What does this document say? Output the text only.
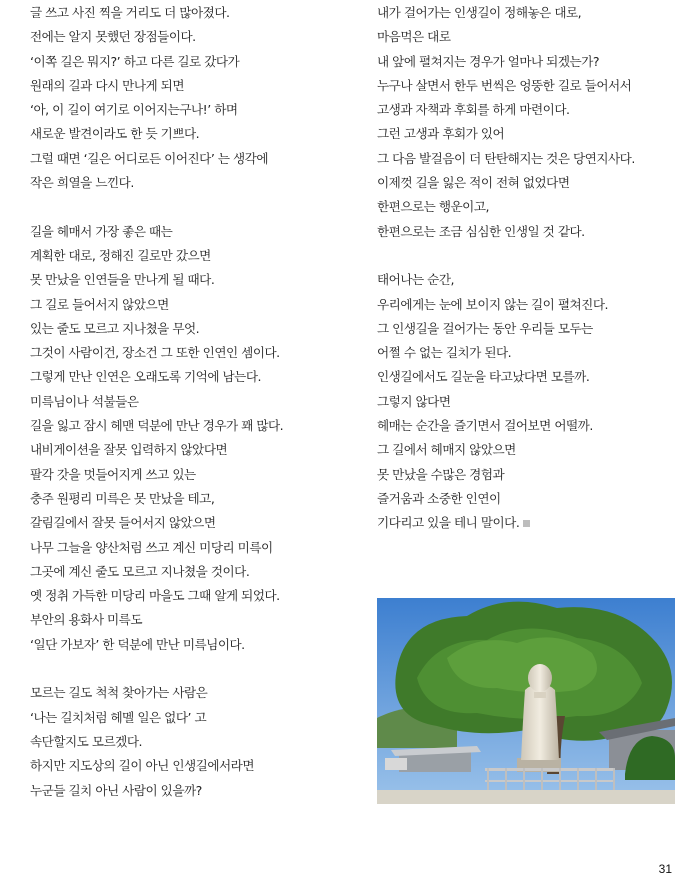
글 쓰고 사진 찍을 거리도 더 많아졌다.
전에는 알지 못했던 장점들이다.
‘이쪽 길은 뭐지?’ 하고 다른 길로 갔다가
원래의 길과 다시 만나게 되면
‘아, 이 길이 여기로 이어지는구나!’ 하며
새로운 발견이라도 한 듯 기쁘다.
그럴 때면 ‘길은 어디로든 이어진다’ 는 생각에
작은 희열을 느낀다.
길을 헤매서 가장 좋은 때는
계획한 대로, 정해진 길로만 갔으면
못 만났을 인연들을 만나게 될 때다.
그 길로 들어서지 않았으면
있는 줄도 모르고 지나쳤을 무엇.
그것이 사람이건, 장소건 그 또한 인연인 셈이다.
그렇게 만난 인연은 오래도록 기억에 남는다.
미륵님이나 석불들은
길을 잃고 잠시 헤맨 덕분에 만난 경우가 꽤 많다.
내비게이션을 잘못 입력하지 않았다면
팔각 갓을 멋들어지게 쓰고 있는
충주 원평리 미륵은 못 만났을 테고,
갈림길에서 잘못 들어서지 않았으면
나무 그늘을 양산처럼 쓰고 계신 미당리 미륵이
그곳에 계신 줄도 모르고 지나쳤을 것이다.
옛 정취 가득한 미당리 마을도 그때 알게 되었다.
부안의 용화사 미륵도
‘일단 가보자’ 한 덕분에 만난 미륵님이다.
모르는 길도 척척 찾아가는 사람은
‘나는 길치처럼 헤멜 일은 없다’ 고
속단할지도 모르겠다.
하지만 지도상의 길이 아닌 인생길에서라면
누군들 길치 아닌 사람이 있을까?
내가 걸어가는 인생길이 정해놓은 대로,
마음먹은 대로
내 앞에 펼쳐지는 경우가 얼마나 되겠는가?
누구나 살면서 한두 번씩은 엉뚱한 길로 들어서서
고생과 자책과 후회를 하게 마련이다.
그런 고생과 후회가 있어
그 다음 발걸음이 더 탄탄해지는 것은 당연지사다.
이제껏 길을 잃은 적이 전혀 없었다면
한편으로는 행운이고,
한편으로는 조금 심심한 인생일 것 같다.
태어나는 순간,
우리에게는 눈에 보이지 않는 길이 펼쳐진다.
그 인생길을 걸어가는 동안 우리들 모두는
어쩔 수 없는 길치가 된다.
인생길에서도 길눈을 타고났다면 모를까.
그렇지 않다면
헤매는 순간을 즐기면서 걸어보면 어떨까.
그 길에서 헤매지 않았으면
못 만났을 수많은 경험과
즐거움과 소중한 인연이
기다리고 있을 테니 말이다.
31
